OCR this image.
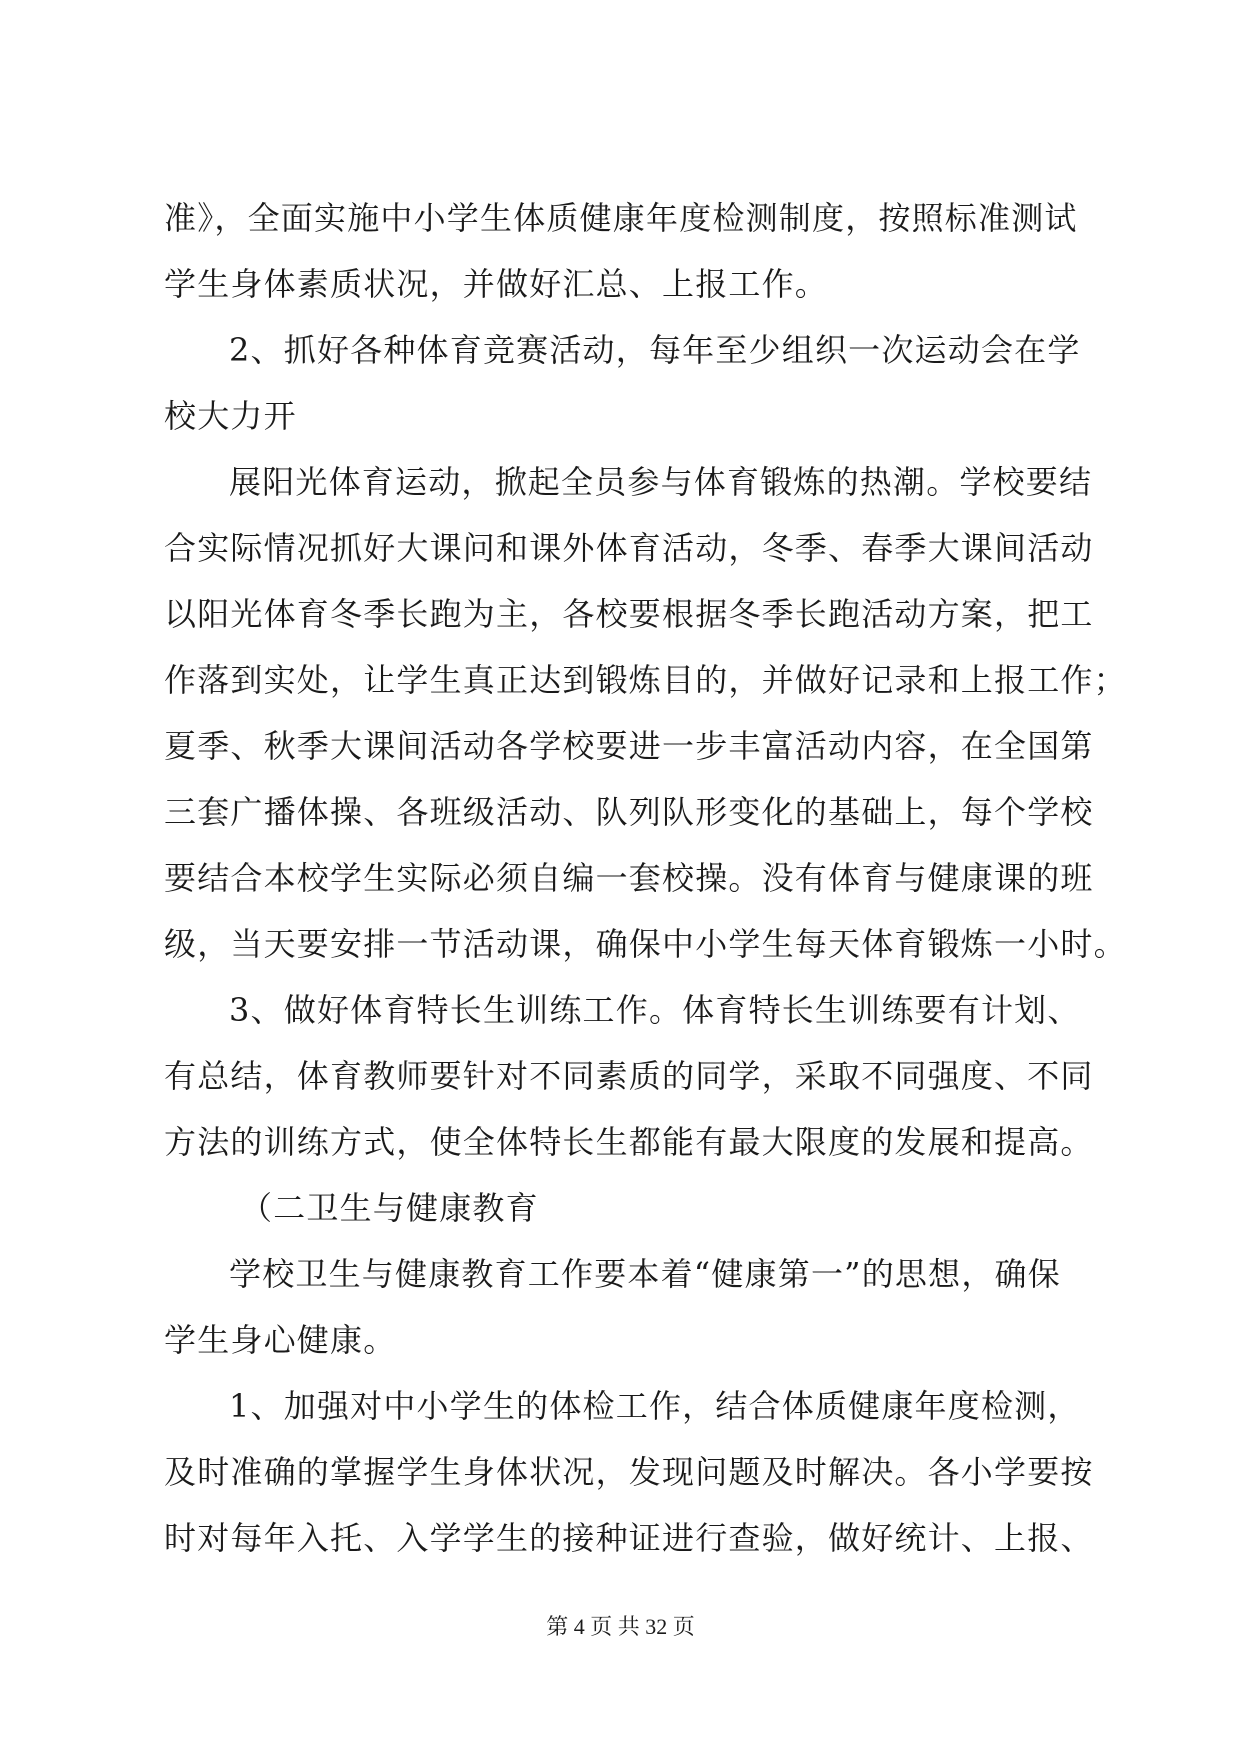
准》，全面实施中小学生体质健康年度检测制度，按照标准测试
学生身体素质状况，并做好汇总、上报工作。
2、抓好各种体育竞赛活动，每年至少组织一次运动会在学
校大力开
展阳光体育运动，掀起全员参与体育锻炼的热潮。学校要结
合实际情况抓好大课问和课外体育活动，冬季、春季大课间活动
以阳光体育冬季长跑为主，各校要根据冬季长跑活动方案，把工
作落到实处，让学生真正达到锻炼目的，并做好记录和上报工作；
夏季、秋季大课间活动各学校要进一步丰富活动内容，在全国第
三套广播体操、各班级活动、队列队形变化的基础上，每个学校
要结合本校学生实际必须自编一套校操。没有体育与健康课的班
级，当天要安排一节活动课，确保中小学生每天体育锻炼一小时。
3、做好体育特长生训练工作。体育特长生训练要有计划、
有总结，体育教师要针对不同素质的同学，采取不同强度、不同
方法的训练方式，使全体特长生都能有最大限度的发展和提高。
（二卫生与健康教育
学校卫生与健康教育工作要本着“健康第一”的思想，确保
学生身心健康。
1、加强对中小学生的体检工作，结合体质健康年度检测，
及时准确的掌握学生身体状况，发现问题及时解决。各小学要按
时对每年入托、入学学生的接种证进行查验，做好统计、上报、
第 4 页 共 32 页
